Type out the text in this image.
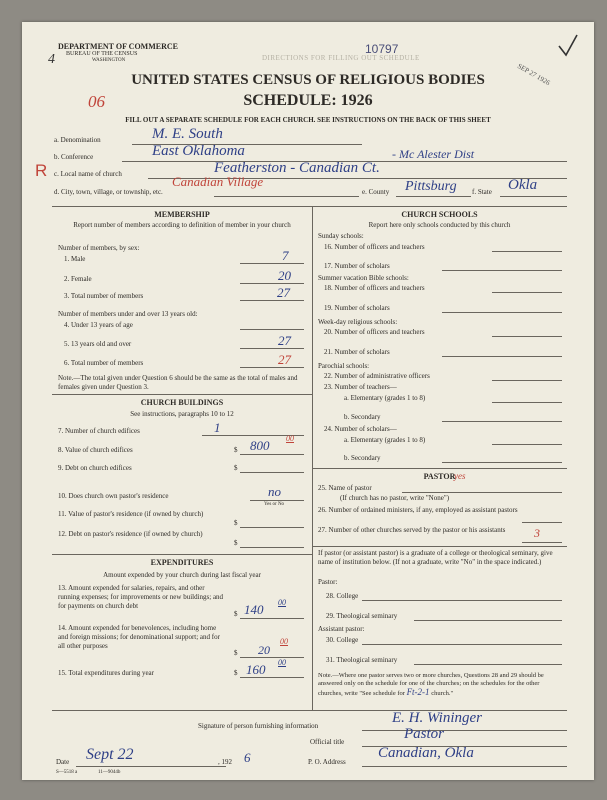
4
06
R
DEPARTMENT OF COMMERCE
BUREAU OF THE CENSUS
WASHINGTON	DIRECTIONS FOR FILLING OUT SCHEDULE
10797
SEP 27 1926
UNITED STATES CENSUS OF RELIGIOUS BODIES
SCHEDULE: 1926
FILL OUT A SEPARATE SCHEDULE FOR EACH CHURCH. SEE INSTRUCTIONS ON THE BACK OF THIS SHEET
a. Denomination	M. E. South
b. Conference	East Oklahoma	- Mc Alester Dist
c. Local name of church	Featherston - Canadian Ct.
d. City, town, village, or township, etc.
Canadian Village
e. County Pittsburg f. State Okla
MEMBERSHIP
Report number of members according to definition of member in your church
Number of members, by sex:
1. Male	7
2. Female	20
3. Total number of members	27
Number of members under and over 13 years old:
4. Under 13 years of age
5. 13 years old and over	27
6. Total number of members	27
Note.—The total given under Question 6 should be the same as the total of males and females given under Question 3.
CHURCH BUILDINGS
See instructions, paragraphs 10 to 12
7. Number of church edifices	1
8. Value of church edifices	$ 800 00
9. Debt on church edifices	$
10. Does church own pastor's residence	no
Yes or No
11. Value of pastor's residence (if owned by church)
$
12. Debt on pastor's residence (if owned by church)
$
EXPENDITURES
Amount expended by your church during last fiscal year
13. Amount expended for salaries, repairs, and other running expenses; for improvements or new buildings; and for payments on church debt
$ 140 00
14. Amount expended for benevolences, including home and foreign missions; for denominational support; and for all other purposes
$ 20
00
15. Total expenditures during year	$ 160 00
CHURCH SCHOOLS
Report here only schools conducted by this church
Sunday schools:
16. Number of officers and teachers
17. Number of scholars
Summer vacation Bible schools:
18. Number of officers and teachers
19. Number of scholars
Week-day religious schools:
20. Number of officers and teachers
21. Number of scholars
Parochial schools:
22. Number of administrative officers
23. Number of teachers—
a. Elementary (grades 1 to 8)
b. Secondary
24. Number of scholars—
a. Elementary (grades 1 to 8)
b. Secondary
PASTOR
25. Name of pastor
yes
(If church has no pastor, write "None")
26. Number of ordained ministers, if any, employed as assistant pastors
27. Number of other churches served by the pastor or his assistants	3
If pastor (or assistant pastor) is a graduate of a college or theological seminary, give name of institution below. (If not a graduate, write "No" in the space indicated.)
Pastor:
28. College
29. Theological seminary
Assistant pastor:
30. College
31. Theological seminary
Note.—Where one pastor serves two or more churches, Questions 28 and 29 should be answered only on the schedule for one of the churches; on the schedules for the other churches, write "See schedule for Ft-2-1 church."
Signature of person furnishing information	E. H. Wininger
Official title	Pastor
Date Sept 22	, 192 6	P. O. Address
Canadian, Okla
S—5518 a	11—9044b
